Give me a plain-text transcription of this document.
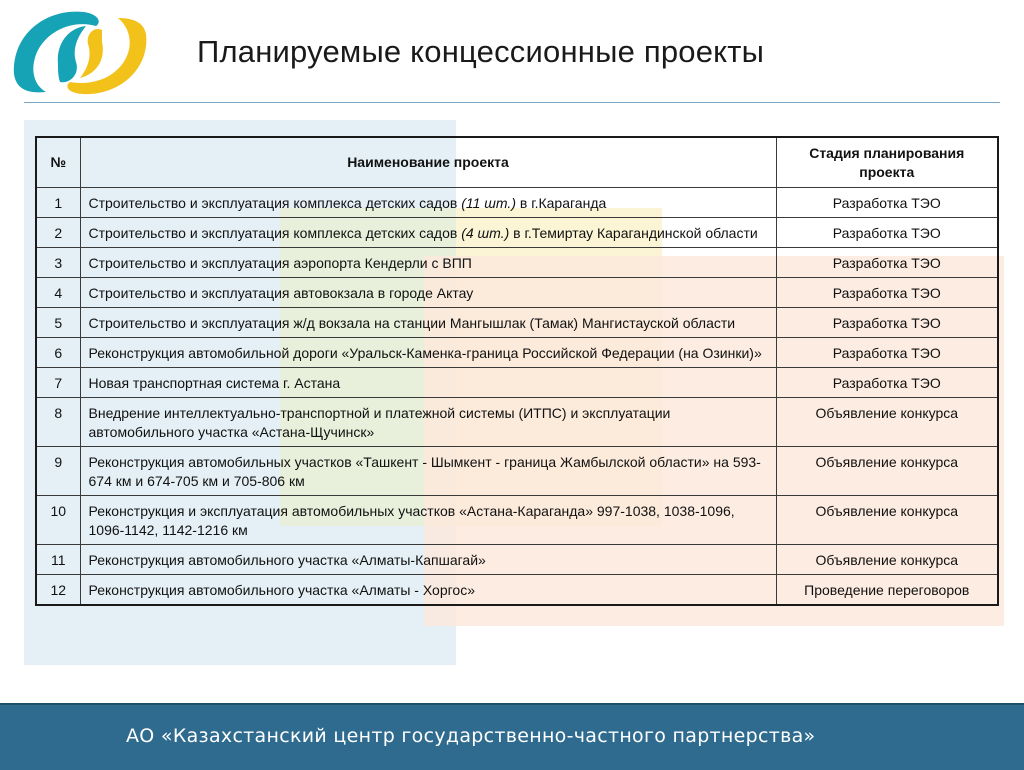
Планируемые концессионные проекты
№	Наименование проекта	Стадия планирования проекта
1	Строительство и эксплуатация комплекса детских садов (11 шт.) в г.Караганда	Разработка ТЭО
2	Строительство и эксплуатация комплекса детских садов (4 шт.) в г.Темиртау Карагандинской области	Разработка ТЭО
3	Строительство и эксплуатация аэропорта Кендерли с ВПП	Разработка ТЭО
4	Строительство и эксплуатация автовокзала в городе Актау	Разработка ТЭО
5	Строительство и эксплуатация ж/д вокзала на станции Мангышлак (Тамак) Мангистауской области	Разработка ТЭО
6	Реконструкция автомобильной дороги «Уральск-Каменка-граница Российской Федерации (на Озинки)»	Разработка ТЭО
7	Новая транспортная система г. Астана	Разработка ТЭО
8	Внедрение интеллектуально-транспортной и платежной системы (ИТПС) и эксплуатации автомобильного участка «Астана-Щучинск»	Объявление конкурса
9	Реконструкция автомобильных участков «Ташкент - Шымкент - граница Жамбылской области» на 593-674 км и 674-705 км и 705-806 км	Объявление конкурса
10	Реконструкция и эксплуатация автомобильных участков «Астана-Караганда» 997-1038, 1038-1096, 1096-1142, 1142-1216 км	Объявление конкурса
11	Реконструкция автомобильного участка «Алматы-Капшагай»	Объявление конкурса
12	Реконструкция автомобильного участка «Алматы - Хоргос»	Проведение переговоров
АО «Казахстанский центр государственно-частного партнерства»
